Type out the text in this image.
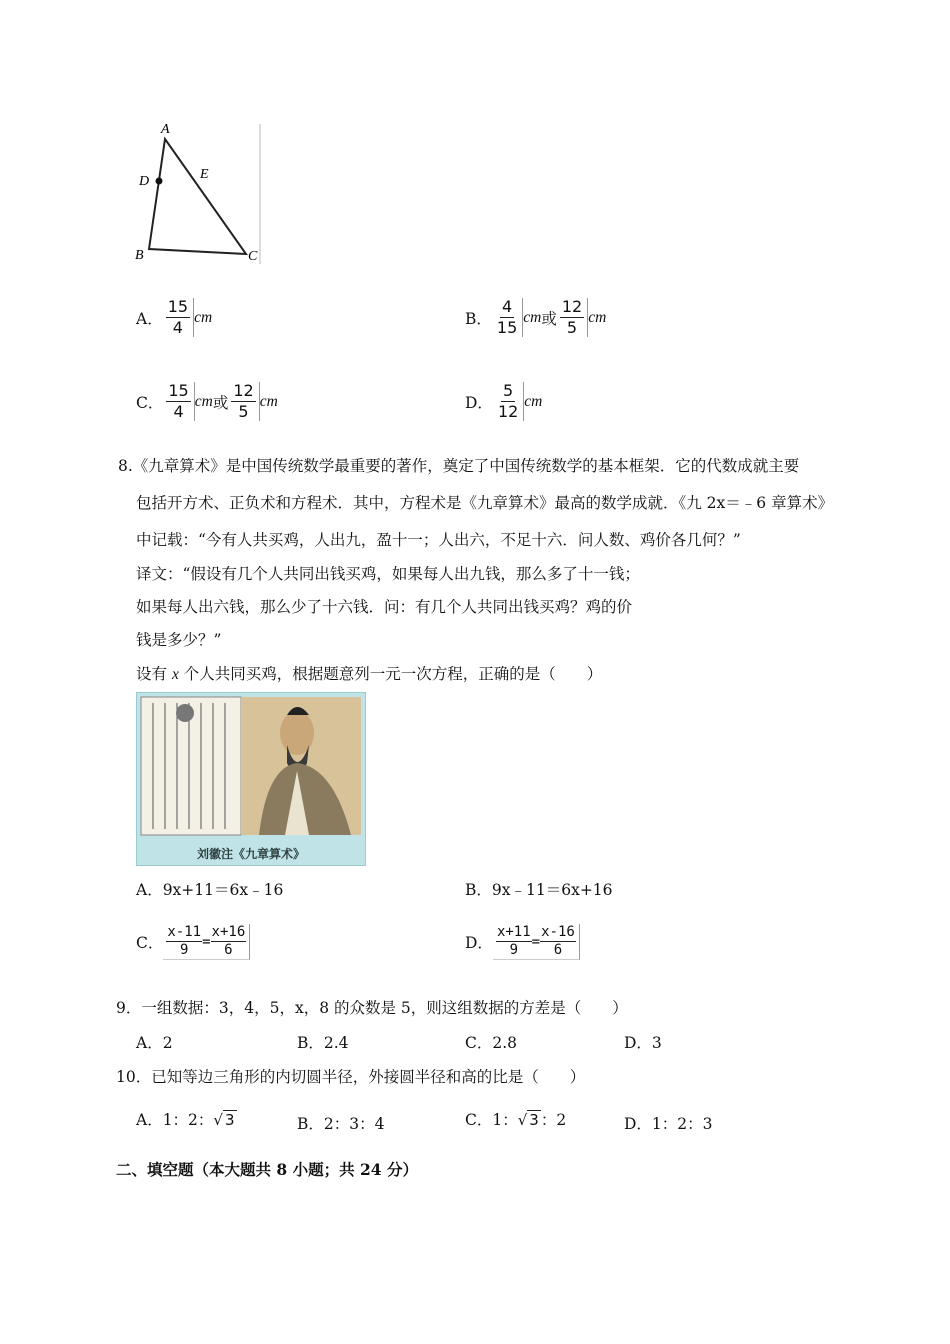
A
D	E
B	C
A． $\frac{15}{4}$ cm	B． $\frac{4}{15}$ cm 或 $\frac{12}{5}$ cm
C． $\frac{15}{4}$ cm 或 $\frac{12}{5}$ cm	D． $\frac{5}{12}$ cm
8.《九章算术》是中国传统数学最重要的著作，奠定了中国传统数学的基本框架．它的代数成就主要
包括开方术、正负术和方程术．其中，方程术是《九章算术》最高的数学成就．《九 2x＝﹣6 章算术》
中记载：“今有人共买鸡，人出九，盈十一；人出六，不足十六．问人数、鸡价各几何？”
译文：“假设有几个人共同出钱买鸡，如果每人出九钱，那么多了十一钱；
如果每人出六钱，那么少了十六钱．问：有几个人共同出钱买鸡？鸡的价
钱是多少？”
设有 x 个人共同买鸡，根据题意列一元一次方程，正确的是（　　）
刘徽注《九章算术》
A．9x+11＝6x﹣16	B．9x﹣11＝6x+16
C． $\frac{x-11}{9} = \frac{x+16}{6}$	D． $\frac{x+11}{9} = \frac{x-16}{6}$
9．一组数据：3，4，5，x，8 的众数是 5，则这组数据的方差是（　　）
A．2	B．2.4	C．2.8	D．3
10．已知等边三角形的内切圆半径，外接圆半径和高的比是（　　）
A．1：2： √ 3	B．2：3：4	C．1： √ 3 ：2	D．1：2：3
二、填空题（本大题共 8 小题；共 24 分）
